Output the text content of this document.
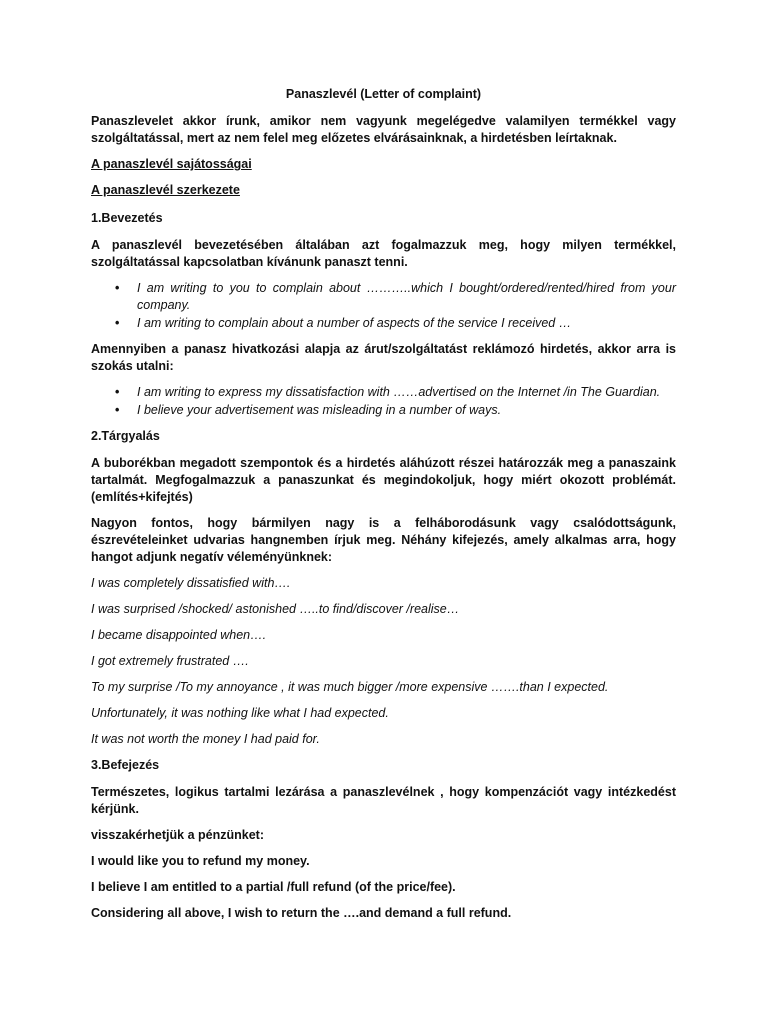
Panaszlevél (Letter of complaint)

Panaszlevelet akkor írunk, amikor nem vagyunk megelégedve valamilyen termékkel vagy szolgáltatással, mert az nem felel meg előzetes elvárásainknak, a hirdetésben leírtaknak.

A panaszlevél sajátosságai

A panaszlevél szerkezete

1.Bevezetés

A panaszlevél bevezetésében általában azt fogalmazzuk meg, hogy milyen termékkel, szolgáltatással kapcsolatban kívánunk panaszt tenni.

• I am writing to you to complain about ………..which I bought/ordered/rented/hired from your company.
• I am writing to complain about a number of aspects of the service I received …

Amennyiben a panasz hivatkozási alapja az árut/szolgáltatást reklámozó hirdetés, akkor arra is szokás utalni:

• I am writing to express my dissatisfaction with ……advertised on the Internet /in The Guardian.
• I believe your advertisement was misleading in a number of ways.

2.Tárgyalás

A buborékban megadott szempontok és a hirdetés aláhúzott részei határozzák meg a panaszaink tartalmát. Megfogalmazzuk a panaszunkat és megindokoljuk, hogy miért okozott problémát. (említés+kifejtés)

Nagyon fontos, hogy bármilyen nagy is a felháborodásunk vagy csalódottságunk, észrevételeinket udvarias hangnemben írjuk meg. Néhány kifejezés, amely alkalmas arra, hogy hangot adjunk negatív véleményünknek:

I was completely dissatisfied with….

I was surprised /shocked/ astonished …..to find/discover /realise…

I became disappointed when….

I got extremely frustrated ….

To my surprise /To my annoyance , it was much bigger /more expensive …….than I expected.

Unfortunately, it was nothing like what I had expected.

It was not worth the money I had paid for.

3.Befejezés

Természetes, logikus tartalmi lezárása a panaszlevélnek , hogy kompenzációt vagy intézkedést kérjünk.

visszakérhetjük a pénzünket:

I would like you to refund my money.

I believe I am entitled to a partial /full refund (of the price/fee).

Considering all above, I wish to return the ….and demand a full refund.
